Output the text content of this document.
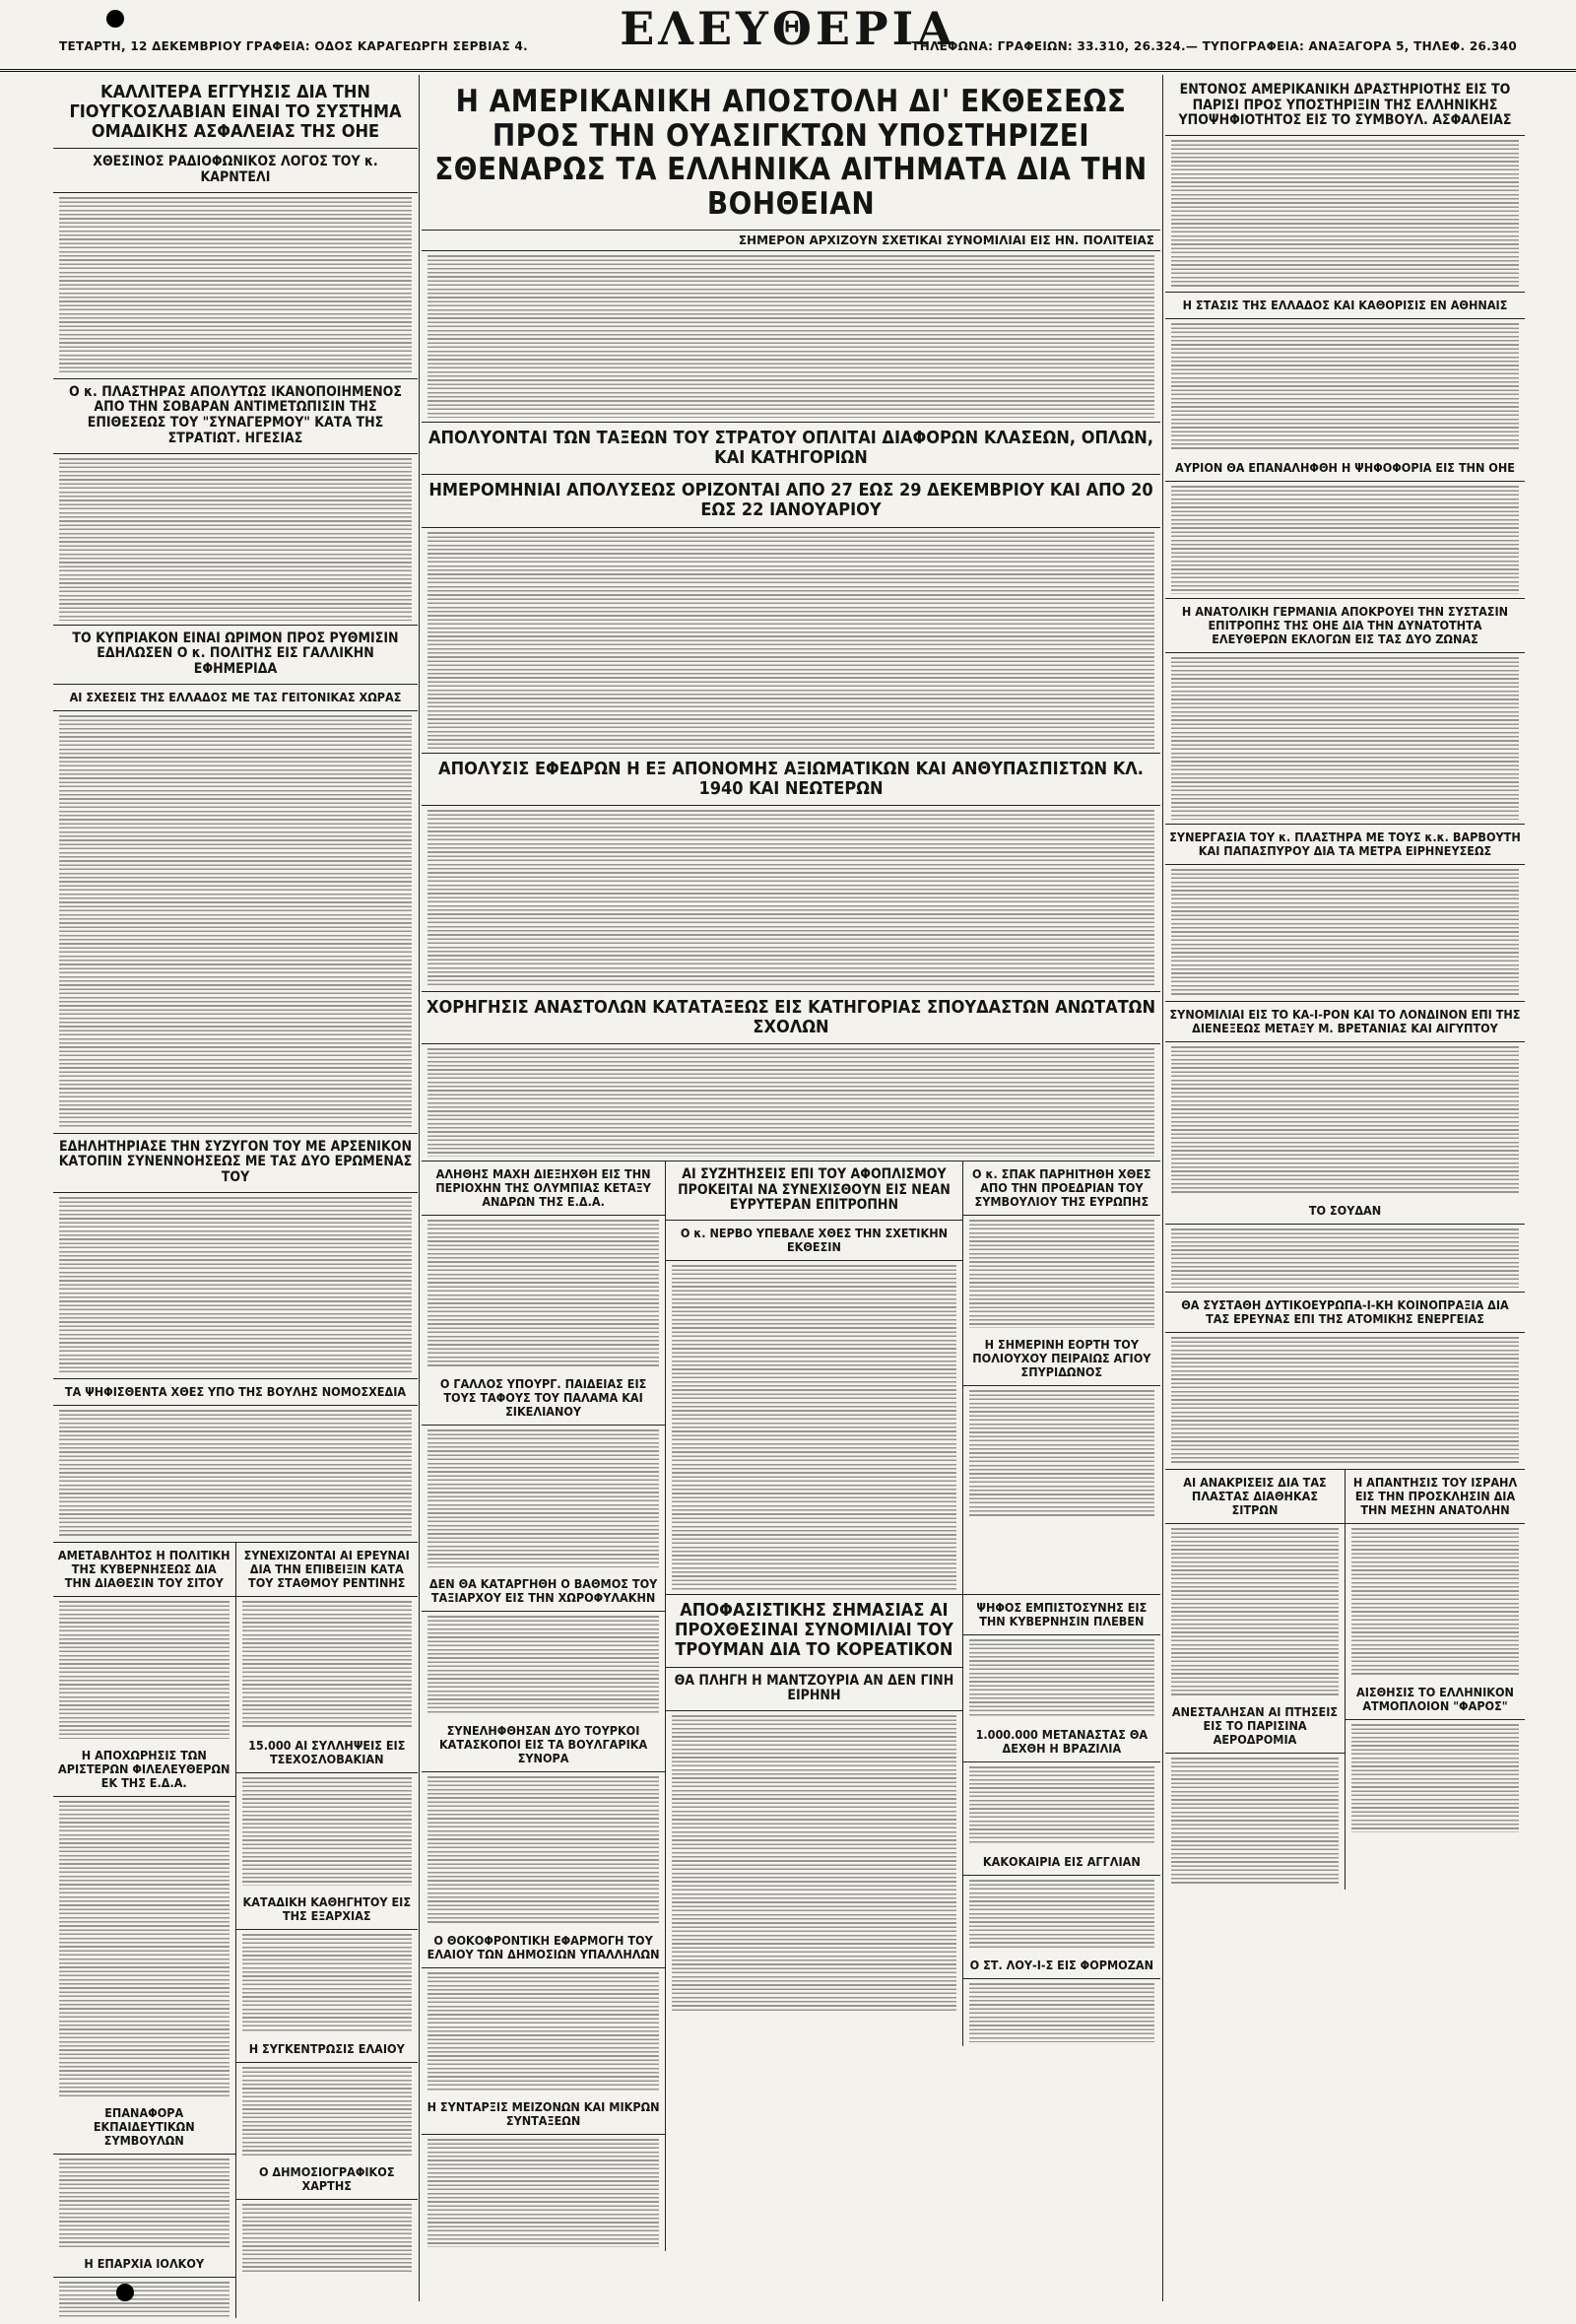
ΤΕΤΑΡΤΗ, 12 ΔΕΚΕΜΒΡΙΟΥ ΓΡΑΦΕΙΑ: ΟΔΟΣ ΚΑΡΑΓΕΩΡΓΗ ΣΕΡΒΙΑΣ 4.	ΕΛΕΥΘΕΡΙΑ
ΤΗΛΕΦΩΝΑ: ΓΡΑΦΕΙΩΝ: 33.310, 26.324.— ΤΥΠΟΓΡΑΦΕΙΑ: ΑΝΑΞΑΓΟΡΑ 5, ΤΗΛΕΦ. 26.340
ΚΑΛΛΙΤΕΡΑ ΕΓΓΥΗΣΙΣ ΔΙΑ ΤΗΝ ΓΙΟΥΓΚΟΣΛΑΒΙΑΝ ΕΙΝΑΙ ΤΟ ΣΥΣΤΗΜΑ ΟΜΑΔΙΚΗΣ ΑΣΦΑΛΕΙΑΣ ΤΗΣ ΟΗΕ
ΧΘΕΣΙΝΟΣ ΡΑΔΙΟΦΩΝΙΚΟΣ ΛΟΓΟΣ ΤΟΥ κ. ΚΑΡΝΤΕΛΙ
Ο κ. ΠΛΑΣΤΗΡΑΣ ΑΠΟΛΥΤΩΣ ΙΚΑΝΟΠΟΙΗΜΕΝΟΣ ΑΠΟ ΤΗΝ ΣΟΒΑΡΑΝ ΑΝΤΙΜΕΤΩΠΙΣΙΝ ΤΗΣ ΕΠΙΘΕΣΕΩΣ ΤΟΥ "ΣΥΝΑΓΕΡΜΟΥ" ΚΑΤΑ ΤΗΣ ΣΤΡΑΤΙΩΤ. ΗΓΕΣΙΑΣ
ΤΟ ΚΥΠΡΙΑΚΟΝ ΕΙΝΑΙ ΩΡΙΜΟΝ ΠΡΟΣ ΡΥΘΜΙΣΙΝ ΕΔΗΛΩΣΕΝ Ο κ. ΠΟΛΙΤΗΣ ΕΙΣ ΓΑΛΛΙΚΗΝ ΕΦΗΜΕΡΙΔΑ
ΑΙ ΣΧΕΣΕΙΣ ΤΗΣ ΕΛΛΑΔΟΣ ΜΕ ΤΑΣ ΓΕΙΤΟΝΙΚΑΣ ΧΩΡΑΣ
ΕΔΗΛΗΤΗΡΙΑΣΕ ΤΗΝ ΣΥΖΥΓΟΝ ΤΟΥ ΜΕ ΑΡΣΕΝΙΚΟΝ ΚΑΤΟΠΙΝ ΣΥΝΕΝΝΟΗΣΕΩΣ ΜΕ ΤΑΣ ΔΥΟ ΕΡΩΜΕΝΑΣ ΤΟΥ
ΤΑ ΨΗΦΙΣΘΕΝΤΑ ΧΘΕΣ ΥΠΟ ΤΗΣ ΒΟΥΛΗΣ ΝΟΜΟΣΧΕΔΙΑ
ΑΜΕΤΑΒΛΗΤΟΣ Η ΠΟΛΙΤΙΚΗ ΤΗΣ ΚΥΒΕΡΝΗΣΕΩΣ ΔΙΑ ΤΗΝ ΔΙΑΘΕΣΙΝ ΤΟΥ ΣΙΤΟΥ
Η ΑΠΟΧΩΡΗΣΙΣ ΤΩΝ ΑΡΙΣΤΕΡΩΝ ΦΙΛΕΛΕΥΘΕΡΩΝ ΕΚ ΤΗΣ Ε.Δ.Α.
ΕΠΑΝΑΦΟΡΑ ΕΚΠΑΙΔΕΥΤΙΚΩΝ ΣΥΜΒΟΥΛΩΝ
Η ΕΠΑΡΧΙΑ ΙΟΛΚΟΥ
ΣΥΝΕΧΙΖΟΝΤΑΙ ΑΙ ΕΡΕΥΝΑΙ ΔΙΑ ΤΗΝ ΕΠΙΒΕΙΞΙΝ ΚΑΤΑ ΤΟΥ ΣΤΑΘΜΟΥ ΡΕΝΤΙΝΗΣ
15.000 ΑΙ ΣΥΛΛΗΨΕΙΣ ΕΙΣ ΤΣΕΧΟΣΛΟΒΑΚΙΑΝ
ΚΑΤΑΔΙΚΗ ΚΑΘΗΓΗΤΟΥ ΕΙΣ ΤΗΣ ΕΞΑΡΧΙΑΣ
Η ΣΥΓΚΕΝΤΡΩΣΙΣ ΕΛΑΙΟΥ
Ο ΔΗΜΟΣΙΟΓΡΑΦΙΚΟΣ ΧΑΡΤΗΣ
Η ΑΜΕΡΙΚΑΝΙΚΗ ΑΠΟΣΤΟΛΗ ΔΙ' ΕΚΘΕΣΕΩΣ ΠΡΟΣ ΤΗΝ ΟΥΑΣΙΓΚΤΩΝ ΥΠΟΣΤΗΡΙΖΕΙ ΣΘΕΝΑΡΩΣ ΤΑ ΕΛΛΗΝΙΚΑ ΑΙΤΗΜΑΤΑ ΔΙΑ ΤΗΝ ΒΟΗΘΕΙΑΝ
ΣΗΜΕΡΟΝ ΑΡΧΙΖΟΥΝ ΣΧΕΤΙΚΑΙ ΣΥΝΟΜΙΛΙΑΙ ΕΙΣ ΗΝ. ΠΟΛΙΤΕΙΑΣ
ΑΠΟΛΥΟΝΤΑΙ ΤΩΝ ΤΑΞΕΩΝ ΤΟΥ ΣΤΡΑΤΟΥ ΟΠΛΙΤΑΙ ΔΙΑΦΟΡΩΝ ΚΛΑΣΕΩΝ, ΟΠΛΩΝ, ΚΑΙ ΚΑΤΗΓΟΡΙΩΝ
ΗΜΕΡΟΜΗΝΙΑΙ ΑΠΟΛΥΣΕΩΣ ΟΡΙΖΟΝΤΑΙ ΑΠΟ 27 ΕΩΣ 29 ΔΕΚΕΜΒΡΙΟΥ ΚΑΙ ΑΠΟ 20 ΕΩΣ 22 ΙΑΝΟΥΑΡΙΟΥ
ΑΠΟΛΥΣΙΣ ΕΦΕΔΡΩΝ Η ΕΞ ΑΠΟΝΟΜΗΣ ΑΞΙΩΜΑΤΙΚΩΝ ΚΑΙ ΑΝΘΥΠΑΣΠΙΣΤΩΝ ΚΛ. 1940 ΚΑΙ ΝΕΩΤΕΡΩΝ
ΧΟΡΗΓΗΣΙΣ ΑΝΑΣΤΟΛΩΝ ΚΑΤΑΤΑΞΕΩΣ ΕΙΣ ΚΑΤΗΓΟΡΙΑΣ ΣΠΟΥΔΑΣΤΩΝ ΑΝΩΤΑΤΩΝ ΣΧΟΛΩΝ
ΑΛΗΘΗΣ ΜΑΧΗ ΔΙΕΞΗΧΘΗ ΕΙΣ ΤΗΝ ΠΕΡΙΟΧΗΝ ΤΗΣ ΟΛΥΜΠΙΑΣ ΚΕΤΑΞΥ ΑΝΔΡΩΝ ΤΗΣ Ε.Δ.Α.
Ο ΓΑΛΛΟΣ ΥΠΟΥΡΓ. ΠΑΙΔΕΙΑΣ ΕΙΣ ΤΟΥΣ ΤΑΦΟΥΣ ΤΟΥ ΠΑΛΑΜΑ ΚΑΙ ΣΙΚΕΛΙΑΝΟΥ
ΔΕΝ ΘΑ ΚΑΤΑΡΓΗΘΗ Ο ΒΑΘΜΟΣ ΤΟΥ ΤΑΞΙΑΡΧΟΥ ΕΙΣ ΤΗΝ ΧΩΡΟΦΥΛΑΚΗΝ
ΣΥΝΕΛΗΦΘΗΣΑΝ ΔΥΟ ΤΟΥΡΚΟΙ ΚΑΤΑΣΚΟΠΟΙ ΕΙΣ ΤΑ ΒΟΥΛΓΑΡΙΚΑ ΣΥΝΟΡΑ
Ο ΘΟΚΟΦΡΟΝΤΙΚΗ ΕΦΑΡΜΟΓΗ ΤΟΥ ΕΛΑΙΟΥ ΤΩΝ ΔΗΜΟΣΙΩΝ ΥΠΑΛΛΗΛΩΝ
Η ΣΥΝΤΑΡΞΙΣ ΜΕΙΖΟΝΩΝ ΚΑΙ ΜΙΚΡΩΝ ΣΥΝΤΑΞΕΩΝ
ΑΙ ΣΥΖΗΤΗΣΕΙΣ ΕΠΙ ΤΟΥ ΑΦΟΠΛΙΣΜΟΥ ΠΡΟΚΕΙΤΑΙ ΝΑ ΣΥΝΕΧΙΣΘΟΥΝ ΕΙΣ ΝΕΑΝ ΕΥΡΥΤΕΡΑΝ ΕΠΙΤΡΟΠΗΝ
Ο κ. ΝΕΡΒΟ ΥΠΕΒΑΛΕ ΧΘΕΣ ΤΗΝ ΣΧΕΤΙΚΗΝ ΕΚΘΕΣΙΝ
Ο κ. ΣΠΑΚ ΠΑΡΗΙΤΗΘΗ ΧΘΕΣ ΑΠΟ ΤΗΝ ΠΡΟΕΔΡΙΑΝ ΤΟΥ ΣΥΜΒΟΥΛΙΟΥ ΤΗΣ ΕΥΡΩΠΗΣ
Η ΣΗΜΕΡΙΝΗ ΕΟΡΤΗ ΤΟΥ ΠΟΛΙΟΥΧΟΥ ΠΕΙΡΑΙΩΣ ΑΓΙΟΥ ΣΠΥΡΙΔΩΝΟΣ
ΑΠΟΦΑΣΙΣΤΙΚΗΣ ΣΗΜΑΣΙΑΣ ΑΙ ΠΡΟΧΘΕΣΙΝΑΙ ΣΥΝΟΜΙΛΙΑΙ ΤΟΥ ΤΡΟΥΜΑΝ ΔΙΑ ΤΟ ΚΟΡΕΑΤΙΚΟΝ
ΘΑ ΠΛΗΓΗ Η ΜΑΝΤΖΟΥΡΙΑ ΑΝ ΔΕΝ ΓΙΝΗ ΕΙΡΗΝΗ
ΨΗΦΟΣ ΕΜΠΙΣΤΟΣΥΝΗΣ ΕΙΣ ΤΗΝ ΚΥΒΕΡΝΗΣΙΝ ΠΛΕΒΕΝ
1.000.000 ΜΕΤΑΝΑΣΤΑΣ ΘΑ ΔΕΧΘΗ Η ΒΡΑΖΙΛΙΑ
ΚΑΚΟΚΑΙΡΙΑ ΕΙΣ ΑΓΓΛΙΑΝ
Ο ΣΤ. ΛΟΥ-Ι-Σ ΕΙΣ ΦΟΡΜΟΖΑΝ
ΕΝΤΟΝΟΣ ΑΜΕΡΙΚΑΝΙΚΗ ΔΡΑΣΤΗΡΙΟΤΗΣ ΕΙΣ ΤΟ ΠΑΡΙΣΙ ΠΡΟΣ ΥΠΟΣΤΗΡΙΞΙΝ ΤΗΣ ΕΛΛΗΝΙΚΗΣ ΥΠΟΨΗΦΙΟΤΗΤΟΣ ΕΙΣ ΤΟ ΣΥΜΒΟΥΛ. ΑΣΦΑΛΕΙΑΣ
Η ΣΤΑΣΙΣ ΤΗΣ ΕΛΛΑΔΟΣ ΚΑΙ ΚΑΘΟΡΙΣΙΣ ΕΝ ΑΘΗΝΑΙΣ
ΑΥΡΙΟΝ ΘΑ ΕΠΑΝΑΛΗΦΘΗ Η ΨΗΦΟΦΟΡΙΑ ΕΙΣ ΤΗΝ ΟΗΕ
Η ΑΝΑΤΟΛΙΚΗ ΓΕΡΜΑΝΙΑ ΑΠΟΚΡΟΥΕΙ ΤΗΝ ΣΥΣΤΑΣΙΝ ΕΠΙΤΡΟΠΗΣ ΤΗΣ ΟΗΕ ΔΙΑ ΤΗΝ ΔΥΝΑΤΟΤΗΤΑ ΕΛΕΥΘΕΡΩΝ ΕΚΛΟΓΩΝ ΕΙΣ ΤΑΣ ΔΥΟ ΖΩΝΑΣ
ΣΥΝΕΡΓΑΣΙΑ ΤΟΥ κ. ΠΛΑΣΤΗΡΑ ΜΕ ΤΟΥΣ κ.κ. ΒΑΡΒΟΥΤΗ ΚΑΙ ΠΑΠΑΣΠΥΡΟΥ ΔΙΑ ΤΑ ΜΕΤΡΑ ΕΙΡΗΝΕΥΣΕΩΣ
ΣΥΝΟΜΙΛΙΑΙ ΕΙΣ ΤΟ ΚΑ-Ι-ΡΟΝ ΚΑΙ ΤΟ ΛΟΝΔΙΝΟΝ ΕΠΙ ΤΗΣ ΔΙΕΝΕΞΕΩΣ ΜΕΤΑΞΥ Μ. ΒΡΕΤΑΝΙΑΣ ΚΑΙ ΑΙΓΥΠΤΟΥ
ΤΟ ΣΟΥΔΑΝ
ΘΑ ΣΥΣΤΑΘΗ ΔΥΤΙΚΟΕΥΡΩΠΑ-Ι-ΚΗ ΚΟΙΝΟΠΡΑΞΙΑ ΔΙΑ ΤΑΣ ΕΡΕΥΝΑΣ ΕΠΙ ΤΗΣ ΑΤΟΜΙΚΗΣ ΕΝΕΡΓΕΙΑΣ
ΑΙ ΑΝΑΚΡΙΣΕΙΣ ΔΙΑ ΤΑΣ ΠΛΑΣΤΑΣ ΔΙΑΘΗΚΑΣ ΣΙΤΡΩΝ
ΑΝΕΣΤΑΛΗΣΑΝ ΑΙ ΠΤΗΣΕΙΣ ΕΙΣ ΤΟ ΠΑΡΙΣΙΝΑ ΑΕΡΟΔΡΟΜΙΑ
Η ΑΠΑΝΤΗΣΙΣ ΤΟΥ ΙΣΡΑΗΛ ΕΙΣ ΤΗΝ ΠΡΟΣΚΛΗΣΙΝ ΔΙΑ ΤΗΝ ΜΕΣΗΝ ΑΝΑΤΟΛΗΝ
ΑΙΣΘΗΣΙΣ ΤΟ ΕΛΛΗΝΙΚΟΝ ΑΤΜΟΠΛΟΙΟΝ "ΦΑΡΟΣ"
